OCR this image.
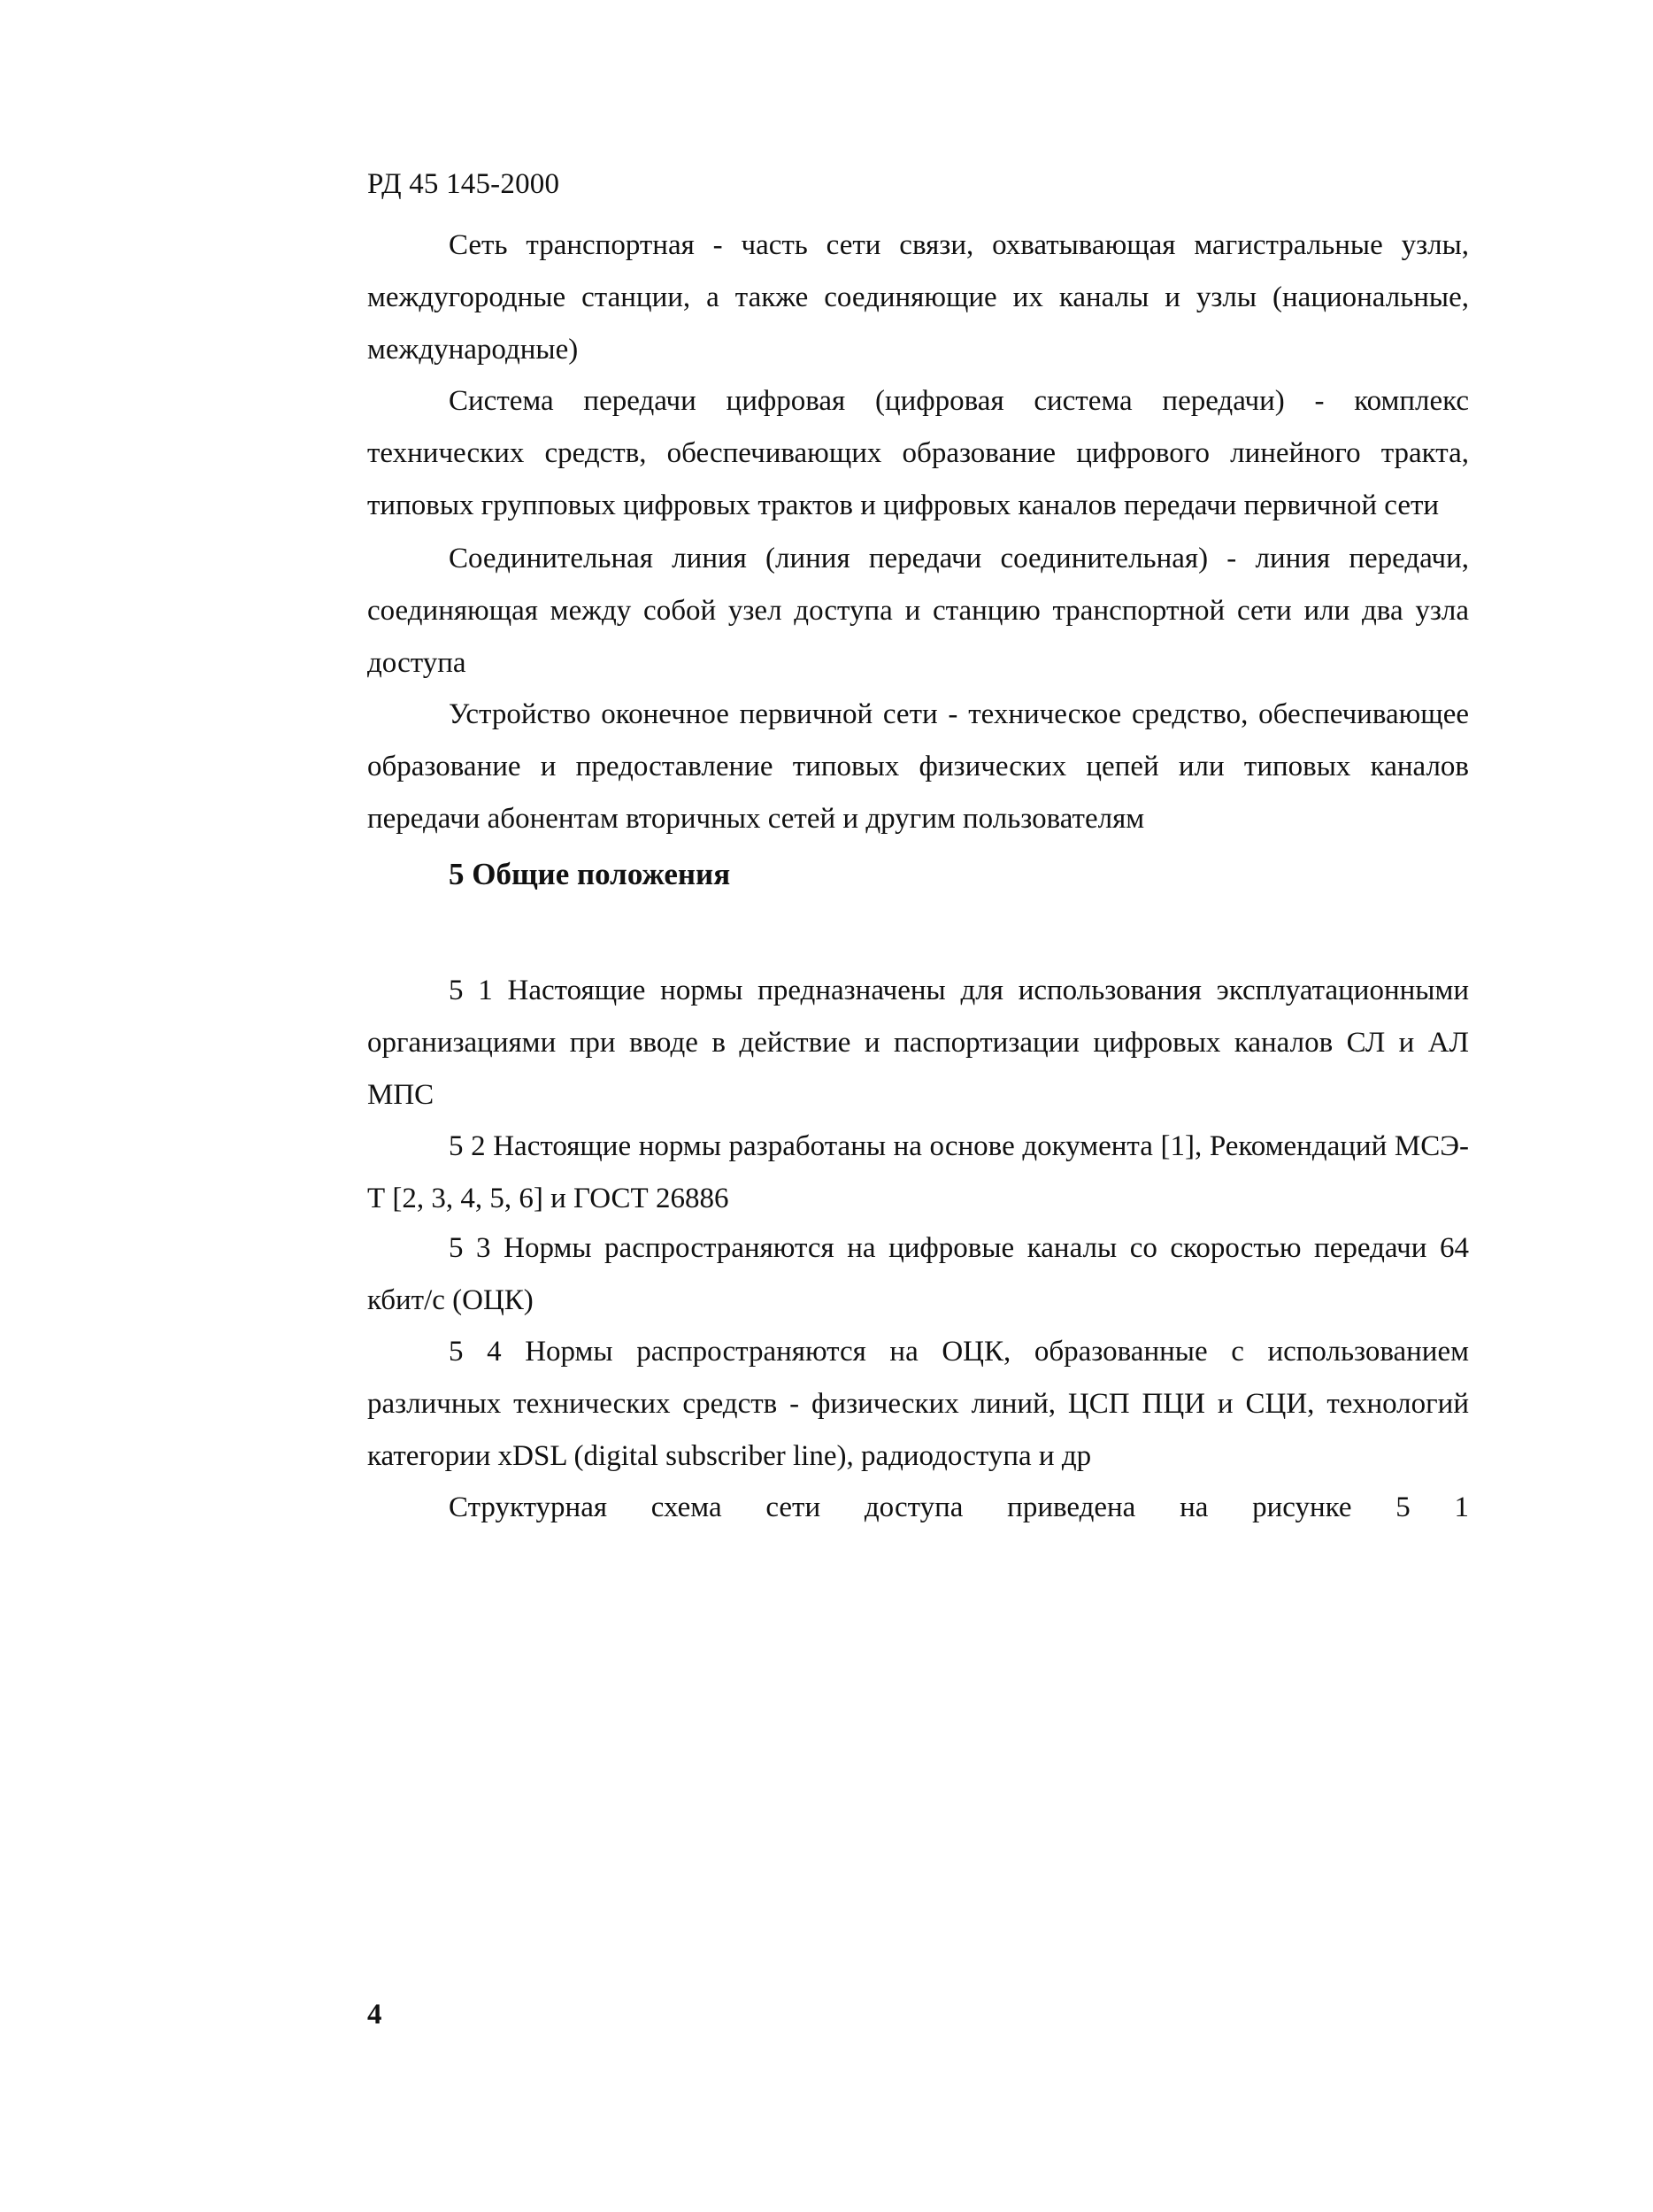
РД 45 145-2000

Сеть транспортная - часть сети связи, охватывающая магистральные узлы, междугородные станции, а также соединяющие их каналы и узлы (национальные, международные)

Система передачи цифровая (цифровая система передачи) - комплекс технических средств, обеспечивающих образование цифрового линейного тракта, типовых групповых цифровых трактов и цифровых каналов передачи первичной сети

Соединительная линия (линия передачи соединительная) - линия передачи, соединяющая между собой узел доступа и станцию транспортной сети или два узла доступа

Устройство оконечное первичной сети - техническое средство, обеспечивающее образование и предоставление типовых физических цепей или типовых каналов передачи абонентам вторичных сетей и другим пользователям

5 Общие положения

5 1 Настоящие нормы предназначены для использования эксплуатационными организациями при вводе в действие и паспортизации цифровых каналов СЛ и АЛ МПС

5 2 Настоящие нормы разработаны на основе документа [1], Рекомендаций МСЭ-Т [2, 3, 4, 5, 6] и ГОСТ 26886

5 3 Нормы распространяются на цифровые каналы со скоростью передачи 64 кбит/с (ОЦК)

5 4 Нормы распространяются на ОЦК, образованные с использованием различных технических средств - физических линий, ЦСП ПЦИ и СЦИ, технологий категории xDSL (digital subscriber line), радиодоступа и др

Структурная схема сети доступа приведена на рисунке 5 1

4
